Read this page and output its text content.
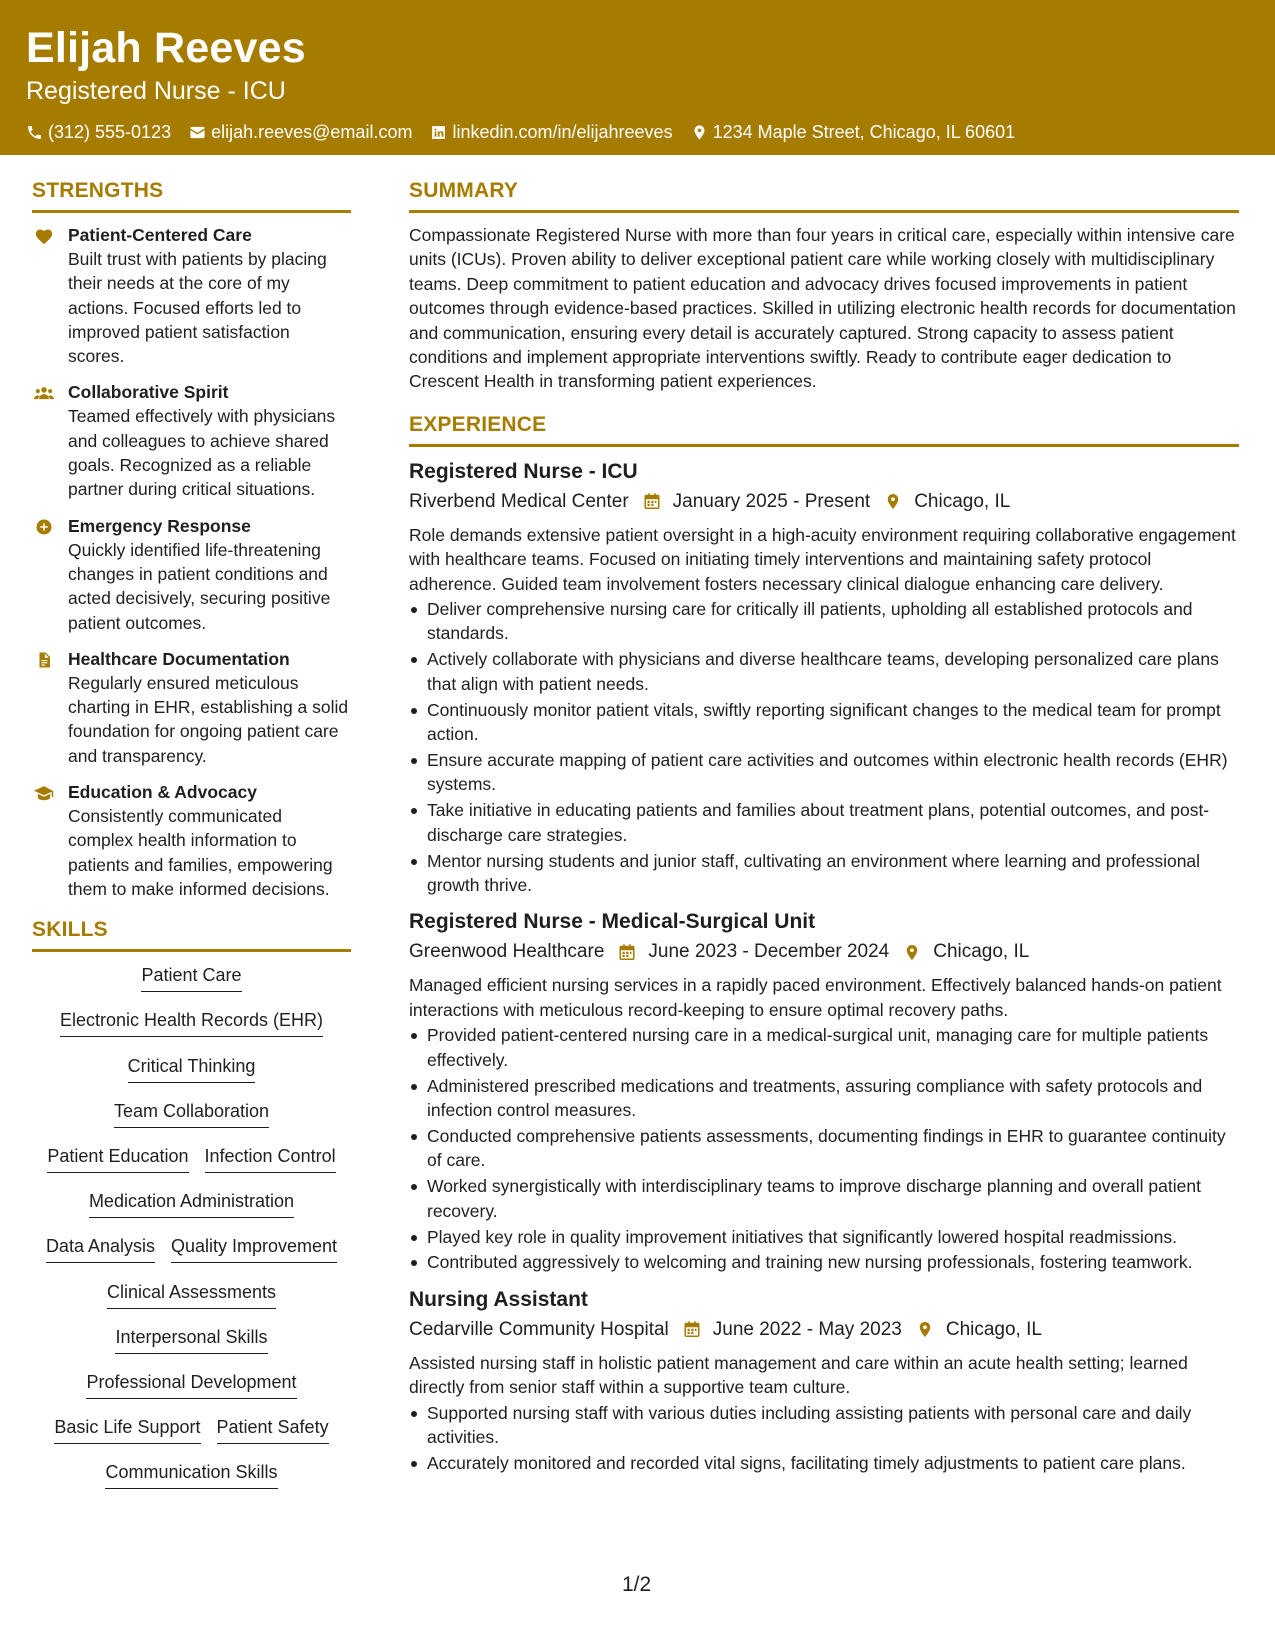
Elijah Reeves
Registered Nurse - ICU
(312) 555-0123 elijah.reeves@email.com linkedin.com/in/elijahreeves 1234 Maple Street, Chicago, IL 60601
STRENGTHS
Patient-Centered Care
Built trust with patients by placing their needs at the core of my actions. Focused efforts led to improved patient satisfaction scores.
Collaborative Spirit
Teamed effectively with physicians and colleagues to achieve shared goals. Recognized as a reliable partner during critical situations.
Emergency Response
Quickly identified life-threatening changes in patient conditions and acted decisively, securing positive patient outcomes.
Healthcare Documentation
Regularly ensured meticulous charting in EHR, establishing a solid foundation for ongoing patient care and transparency.
Education & Advocacy
Consistently communicated complex health information to patients and families, empowering them to make informed decisions.
SKILLS
Patient Care
Electronic Health Records (EHR)
Critical Thinking
Team Collaboration
Patient Education Infection Control
Medication Administration
Data Analysis Quality Improvement
Clinical Assessments
Interpersonal Skills
Professional Development
Basic Life Support Patient Safety
Communication Skills
SUMMARY
Compassionate Registered Nurse with more than four years in critical care, especially within intensive care units (ICUs). Proven ability to deliver exceptional patient care while working closely with multidisciplinary teams. Deep commitment to patient education and advocacy drives focused improvements in patient outcomes through evidence-based practices. Skilled in utilizing electronic health records for documentation and communication, ensuring every detail is accurately captured. Strong capacity to assess patient conditions and implement appropriate interventions swiftly. Ready to contribute eager dedication to Crescent Health in transforming patient experiences.
EXPERIENCE
Registered Nurse - ICU
Riverbend Medical Center January 2025 - Present Chicago, IL
Role demands extensive patient oversight in a high-acuity environment requiring collaborative engagement with healthcare teams. Focused on initiating timely interventions and maintaining safety protocol adherence. Guided team involvement fosters necessary clinical dialogue enhancing care delivery.
Deliver comprehensive nursing care for critically ill patients, upholding all established protocols and standards.
Actively collaborate with physicians and diverse healthcare teams, developing personalized care plans that align with patient needs.
Continuously monitor patient vitals, swiftly reporting significant changes to the medical team for prompt action.
Ensure accurate mapping of patient care activities and outcomes within electronic health records (EHR) systems.
Take initiative in educating patients and families about treatment plans, potential outcomes, and post-discharge care strategies.
Mentor nursing students and junior staff, cultivating an environment where learning and professional growth thrive.
Registered Nurse - Medical-Surgical Unit
Greenwood Healthcare June 2023 - December 2024 Chicago, IL
Managed efficient nursing services in a rapidly paced environment. Effectively balanced hands-on patient interactions with meticulous record-keeping to ensure optimal recovery paths.
Provided patient-centered nursing care in a medical-surgical unit, managing care for multiple patients effectively.
Administered prescribed medications and treatments, assuring compliance with safety protocols and infection control measures.
Conducted comprehensive patients assessments, documenting findings in EHR to guarantee continuity of care.
Worked synergistically with interdisciplinary teams to improve discharge planning and overall patient recovery.
Played key role in quality improvement initiatives that significantly lowered hospital readmissions.
Contributed aggressively to welcoming and training new nursing professionals, fostering teamwork.
Nursing Assistant
Cedarville Community Hospital June 2022 - May 2023 Chicago, IL
Assisted nursing staff in holistic patient management and care within an acute health setting; learned directly from senior staff within a supportive team culture.
Supported nursing staff with various duties including assisting patients with personal care and daily activities.
Accurately monitored and recorded vital signs, facilitating timely adjustments to patient care plans.
1/2
